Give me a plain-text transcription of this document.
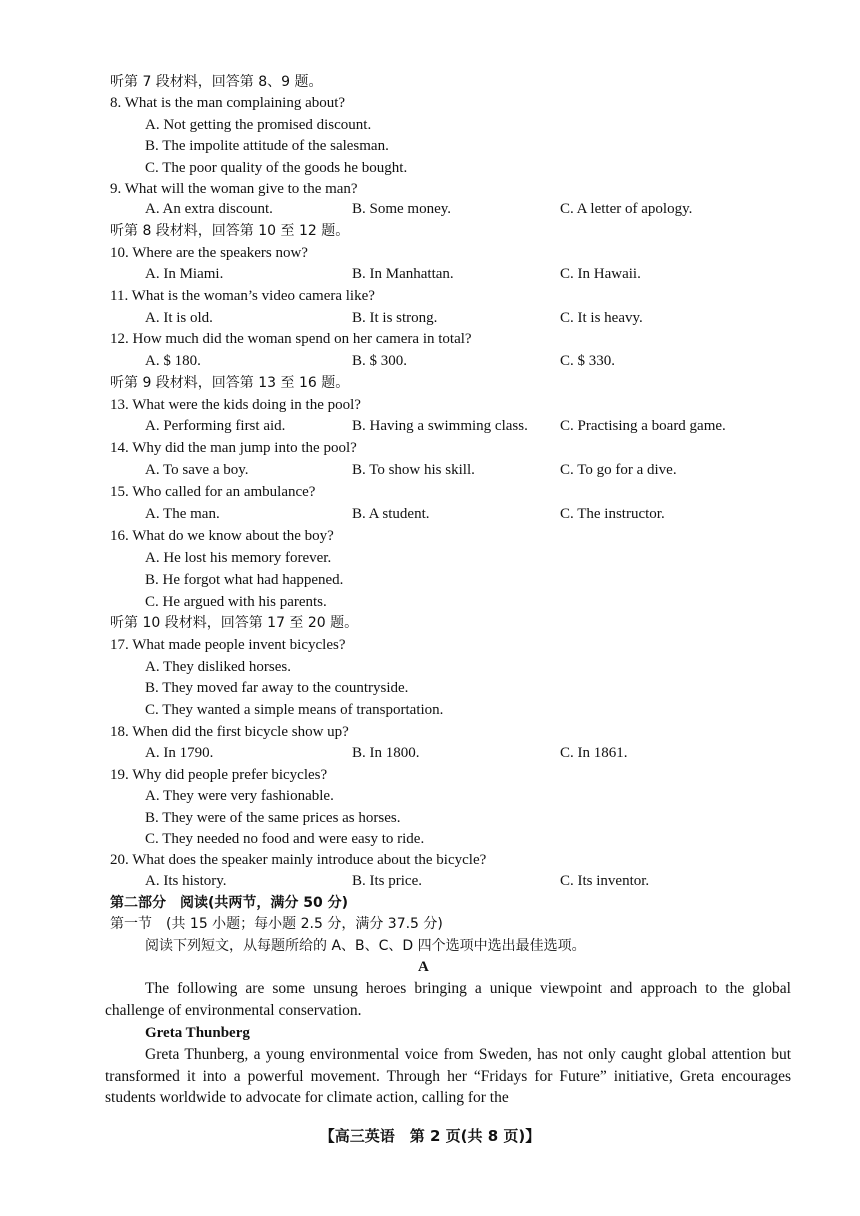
听第 7 段材料，回答第 8、9 题。
8. What is the man complaining about?
A. Not getting the promised discount.
B. The impolite attitude of the salesman.
C. The poor quality of the goods he bought.
9. What will the woman give to the man?
A. An extra discount.	B. Some money.	C. A letter of apology.
听第 8 段材料，回答第 10 至 12 题。
10. Where are the speakers now?
A. In Miami.	B. In Manhattan.	C. In Hawaii.
11. What is the woman’s video camera like?
A. It is old.	B. It is strong.	C. It is heavy.
12. How much did the woman spend on her camera in total?
A. $ 180.	B. $ 300.	C. $ 330.
听第 9 段材料，回答第 13 至 16 题。
13. What were the kids doing in the pool?
A. Performing first aid.	B. Having a swimming class. C. Practising a board game.
14. Why did the man jump into the pool?
A. To save a boy.	B. To show his skill.	C. To go for a dive.
15. Who called for an ambulance?
A. The man.	B. A student.	C. The instructor.
16. What do we know about the boy?
A. He lost his memory forever.
B. He forgot what had happened.
C. He argued with his parents.
听第 10 段材料，回答第 17 至 20 题。
17. What made people invent bicycles?
A. They disliked horses.
B. They moved far away to the countryside.
C. They wanted a simple means of transportation.
18. When did the first bicycle show up?
A. In 1790.	B. In 1800.	C. In 1861.
19. Why did people prefer bicycles?
A. They were very fashionable.
B. They were of the same prices as horses.
C. They needed no food and were easy to ride.
20. What does the speaker mainly introduce about the bicycle?
A. Its history.	B. Its price.	C. Its inventor.
第二部分　阅读(共两节，满分 50 分)
第一节　(共 15 小题；每小题 2.5 分，满分 37.5 分)
阅读下列短文，从每题所给的 A、B、C、D 四个选项中选出最佳选项。
A

The following are some unsung heroes bringing a unique viewpoint and approach to the global challenge of environmental conservation.

Greta Thunberg

Greta Thunberg, a young environmental voice from Sweden, has not only caught global attention but transformed it into a powerful movement. Through her “Fridays for Future” initiative, Greta encourages students worldwide to advocate for climate action, calling for the

【高三英语　第 2 页(共 8 页)】
